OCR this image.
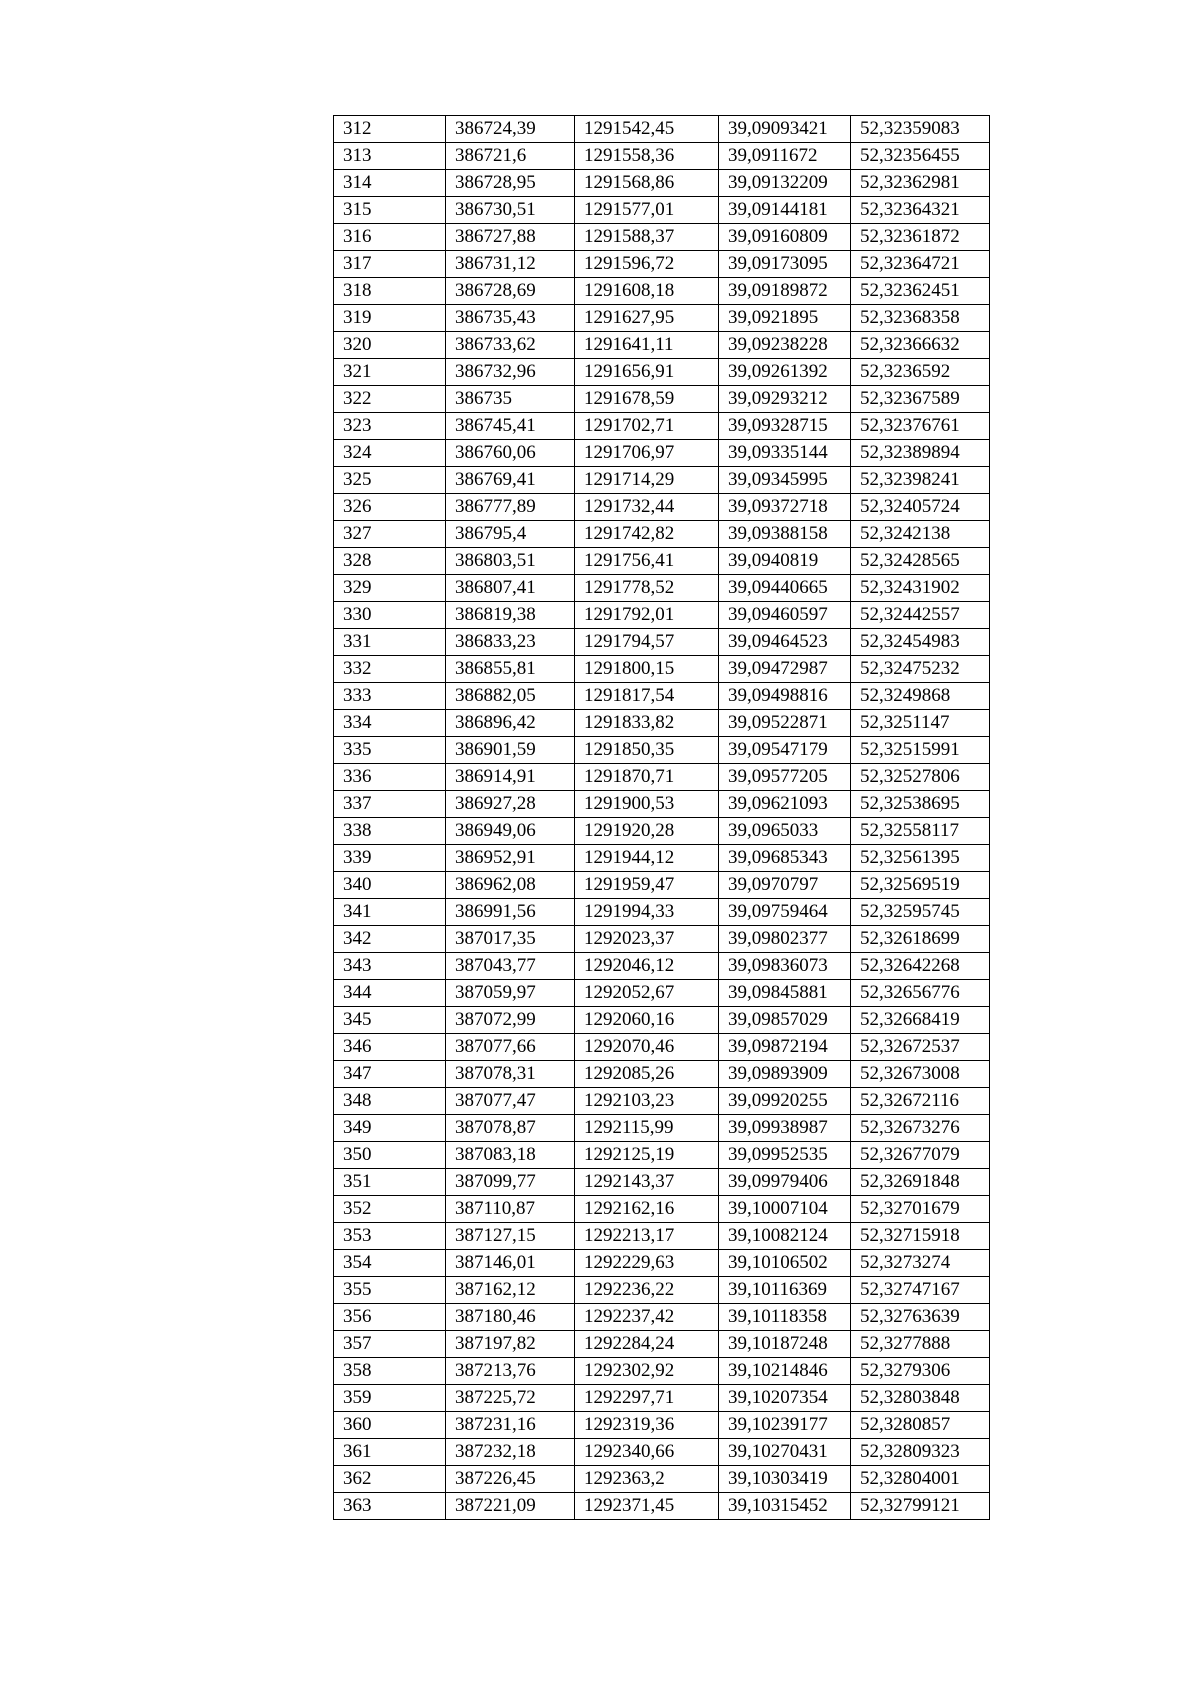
312	386724,39	1291542,45	39,09093421	52,32359083
313	386721,6	1291558,36	39,0911672	52,32356455
314	386728,95	1291568,86	39,09132209	52,32362981
315	386730,51	1291577,01	39,09144181	52,32364321
316	386727,88	1291588,37	39,09160809	52,32361872
317	386731,12	1291596,72	39,09173095	52,32364721
318	386728,69	1291608,18	39,09189872	52,32362451
319	386735,43	1291627,95	39,0921895	52,32368358
320	386733,62	1291641,11	39,09238228	52,32366632
321	386732,96	1291656,91	39,09261392	52,3236592
322	386735	1291678,59	39,09293212	52,32367589
323	386745,41	1291702,71	39,09328715	52,32376761
324	386760,06	1291706,97	39,09335144	52,32389894
325	386769,41	1291714,29	39,09345995	52,32398241
326	386777,89	1291732,44	39,09372718	52,32405724
327	386795,4	1291742,82	39,09388158	52,3242138
328	386803,51	1291756,41	39,0940819	52,32428565
329	386807,41	1291778,52	39,09440665	52,32431902
330	386819,38	1291792,01	39,09460597	52,32442557
331	386833,23	1291794,57	39,09464523	52,32454983
332	386855,81	1291800,15	39,09472987	52,32475232
333	386882,05	1291817,54	39,09498816	52,3249868
334	386896,42	1291833,82	39,09522871	52,3251147
335	386901,59	1291850,35	39,09547179	52,32515991
336	386914,91	1291870,71	39,09577205	52,32527806
337	386927,28	1291900,53	39,09621093	52,32538695
338	386949,06	1291920,28	39,0965033	52,32558117
339	386952,91	1291944,12	39,09685343	52,32561395
340	386962,08	1291959,47	39,0970797	52,32569519
341	386991,56	1291994,33	39,09759464	52,32595745
342	387017,35	1292023,37	39,09802377	52,32618699
343	387043,77	1292046,12	39,09836073	52,32642268
344	387059,97	1292052,67	39,09845881	52,32656776
345	387072,99	1292060,16	39,09857029	52,32668419
346	387077,66	1292070,46	39,09872194	52,32672537
347	387078,31	1292085,26	39,09893909	52,32673008
348	387077,47	1292103,23	39,09920255	52,32672116
349	387078,87	1292115,99	39,09938987	52,32673276
350	387083,18	1292125,19	39,09952535	52,32677079
351	387099,77	1292143,37	39,09979406	52,32691848
352	387110,87	1292162,16	39,10007104	52,32701679
353	387127,15	1292213,17	39,10082124	52,32715918
354	387146,01	1292229,63	39,10106502	52,3273274
355	387162,12	1292236,22	39,10116369	52,32747167
356	387180,46	1292237,42	39,10118358	52,32763639
357	387197,82	1292284,24	39,10187248	52,3277888
358	387213,76	1292302,92	39,10214846	52,3279306
359	387225,72	1292297,71	39,10207354	52,32803848
360	387231,16	1292319,36	39,10239177	52,3280857
361	387232,18	1292340,66	39,10270431	52,32809323
362	387226,45	1292363,2	39,10303419	52,32804001
363	387221,09	1292371,45	39,10315452	52,32799121
